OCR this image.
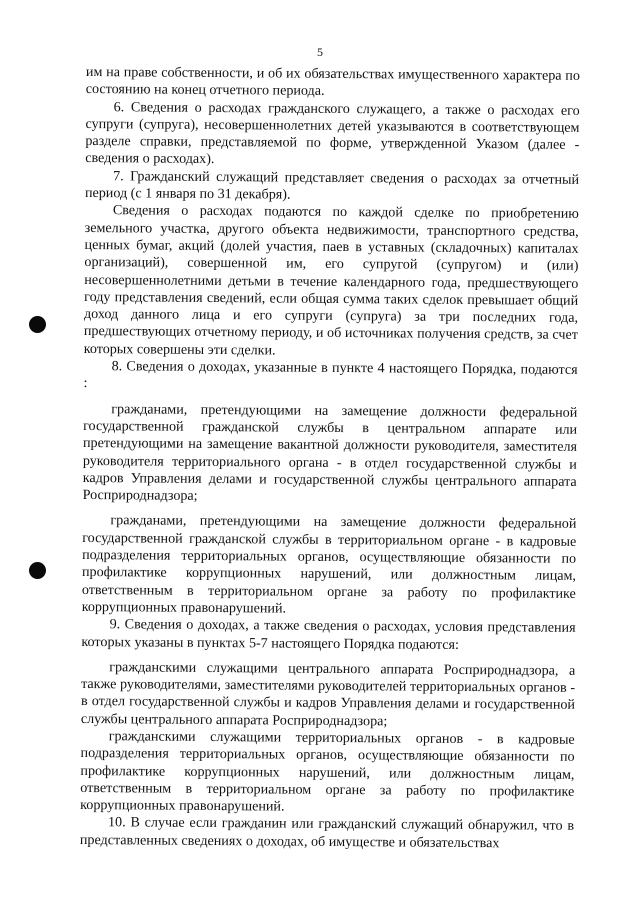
5

им на праве собственности, и об их обязательствах имущественного характера по состоянию на конец отчетного периода.

6. Сведения о расходах гражданского служащего, а также о расходах его супруги (супруга), несовершеннолетних детей указываются в соответствующем разделе справки, представляемой по форме, утвержденной Указом (далее - сведения о расходах).

7. Гражданский служащий представляет сведения о расходах за отчетный период (с 1 января по 31 декабря).

Сведения о расходах подаются по каждой сделке по приобретению земельного участка, другого объекта недвижимости, транспортного средства, ценных бумаг, акций (долей участия, паев в уставных (складочных) капиталах организаций), совершенной им, его супругой (супругом) и (или) несовершеннолетними детьми в течение календарного года, предшествующего году представления сведений, если общая сумма таких сделок превышает общий доход данного лица и его супруги (супруга) за три последних года, предшествующих отчетному периоду, и об источниках получения средств, за счет которых совершены эти сделки.

8. Сведения о доходах, указанные в пункте 4 настоящего Порядка, подаются :

гражданами, претендующими на замещение должности федеральной государственной гражданской службы в центральном аппарате или претендующими на замещение вакантной должности руководителя, заместителя руководителя территориального органа - в отдел государственной службы и кадров Управления делами и государственной службы центрального аппарата Росприроднадзора;

гражданами, претендующими на замещение должности федеральной государственной гражданской службы в территориальном органе - в кадровые подразделения территориальных органов, осуществляющие обязанности по профилактике коррупционных нарушений, или должностным лицам, ответственным в территориальном органе за работу по профилактике коррупционных правонарушений.

9. Сведения о доходах, а также сведения о расходах, условия представления которых указаны в пунктах 5-7 настоящего Порядка подаются:

гражданскими служащими центрального аппарата Росприроднадзора, а также руководителями, заместителями руководителей территориальных органов - в отдел государственной службы и кадров Управления делами и государственной службы центрального аппарата Росприроднадзора;

гражданскими служащими территориальных органов - в кадровые подразделения территориальных органов, осуществляющие обязанности по профилактике коррупционных нарушений, или должностным лицам, ответственным в территориальном органе за работу по профилактике коррупционных правонарушений.

10. В случае если гражданин или гражданский служащий обнаружил, что в представленных сведениях о доходах, об имуществе и обязательствах
